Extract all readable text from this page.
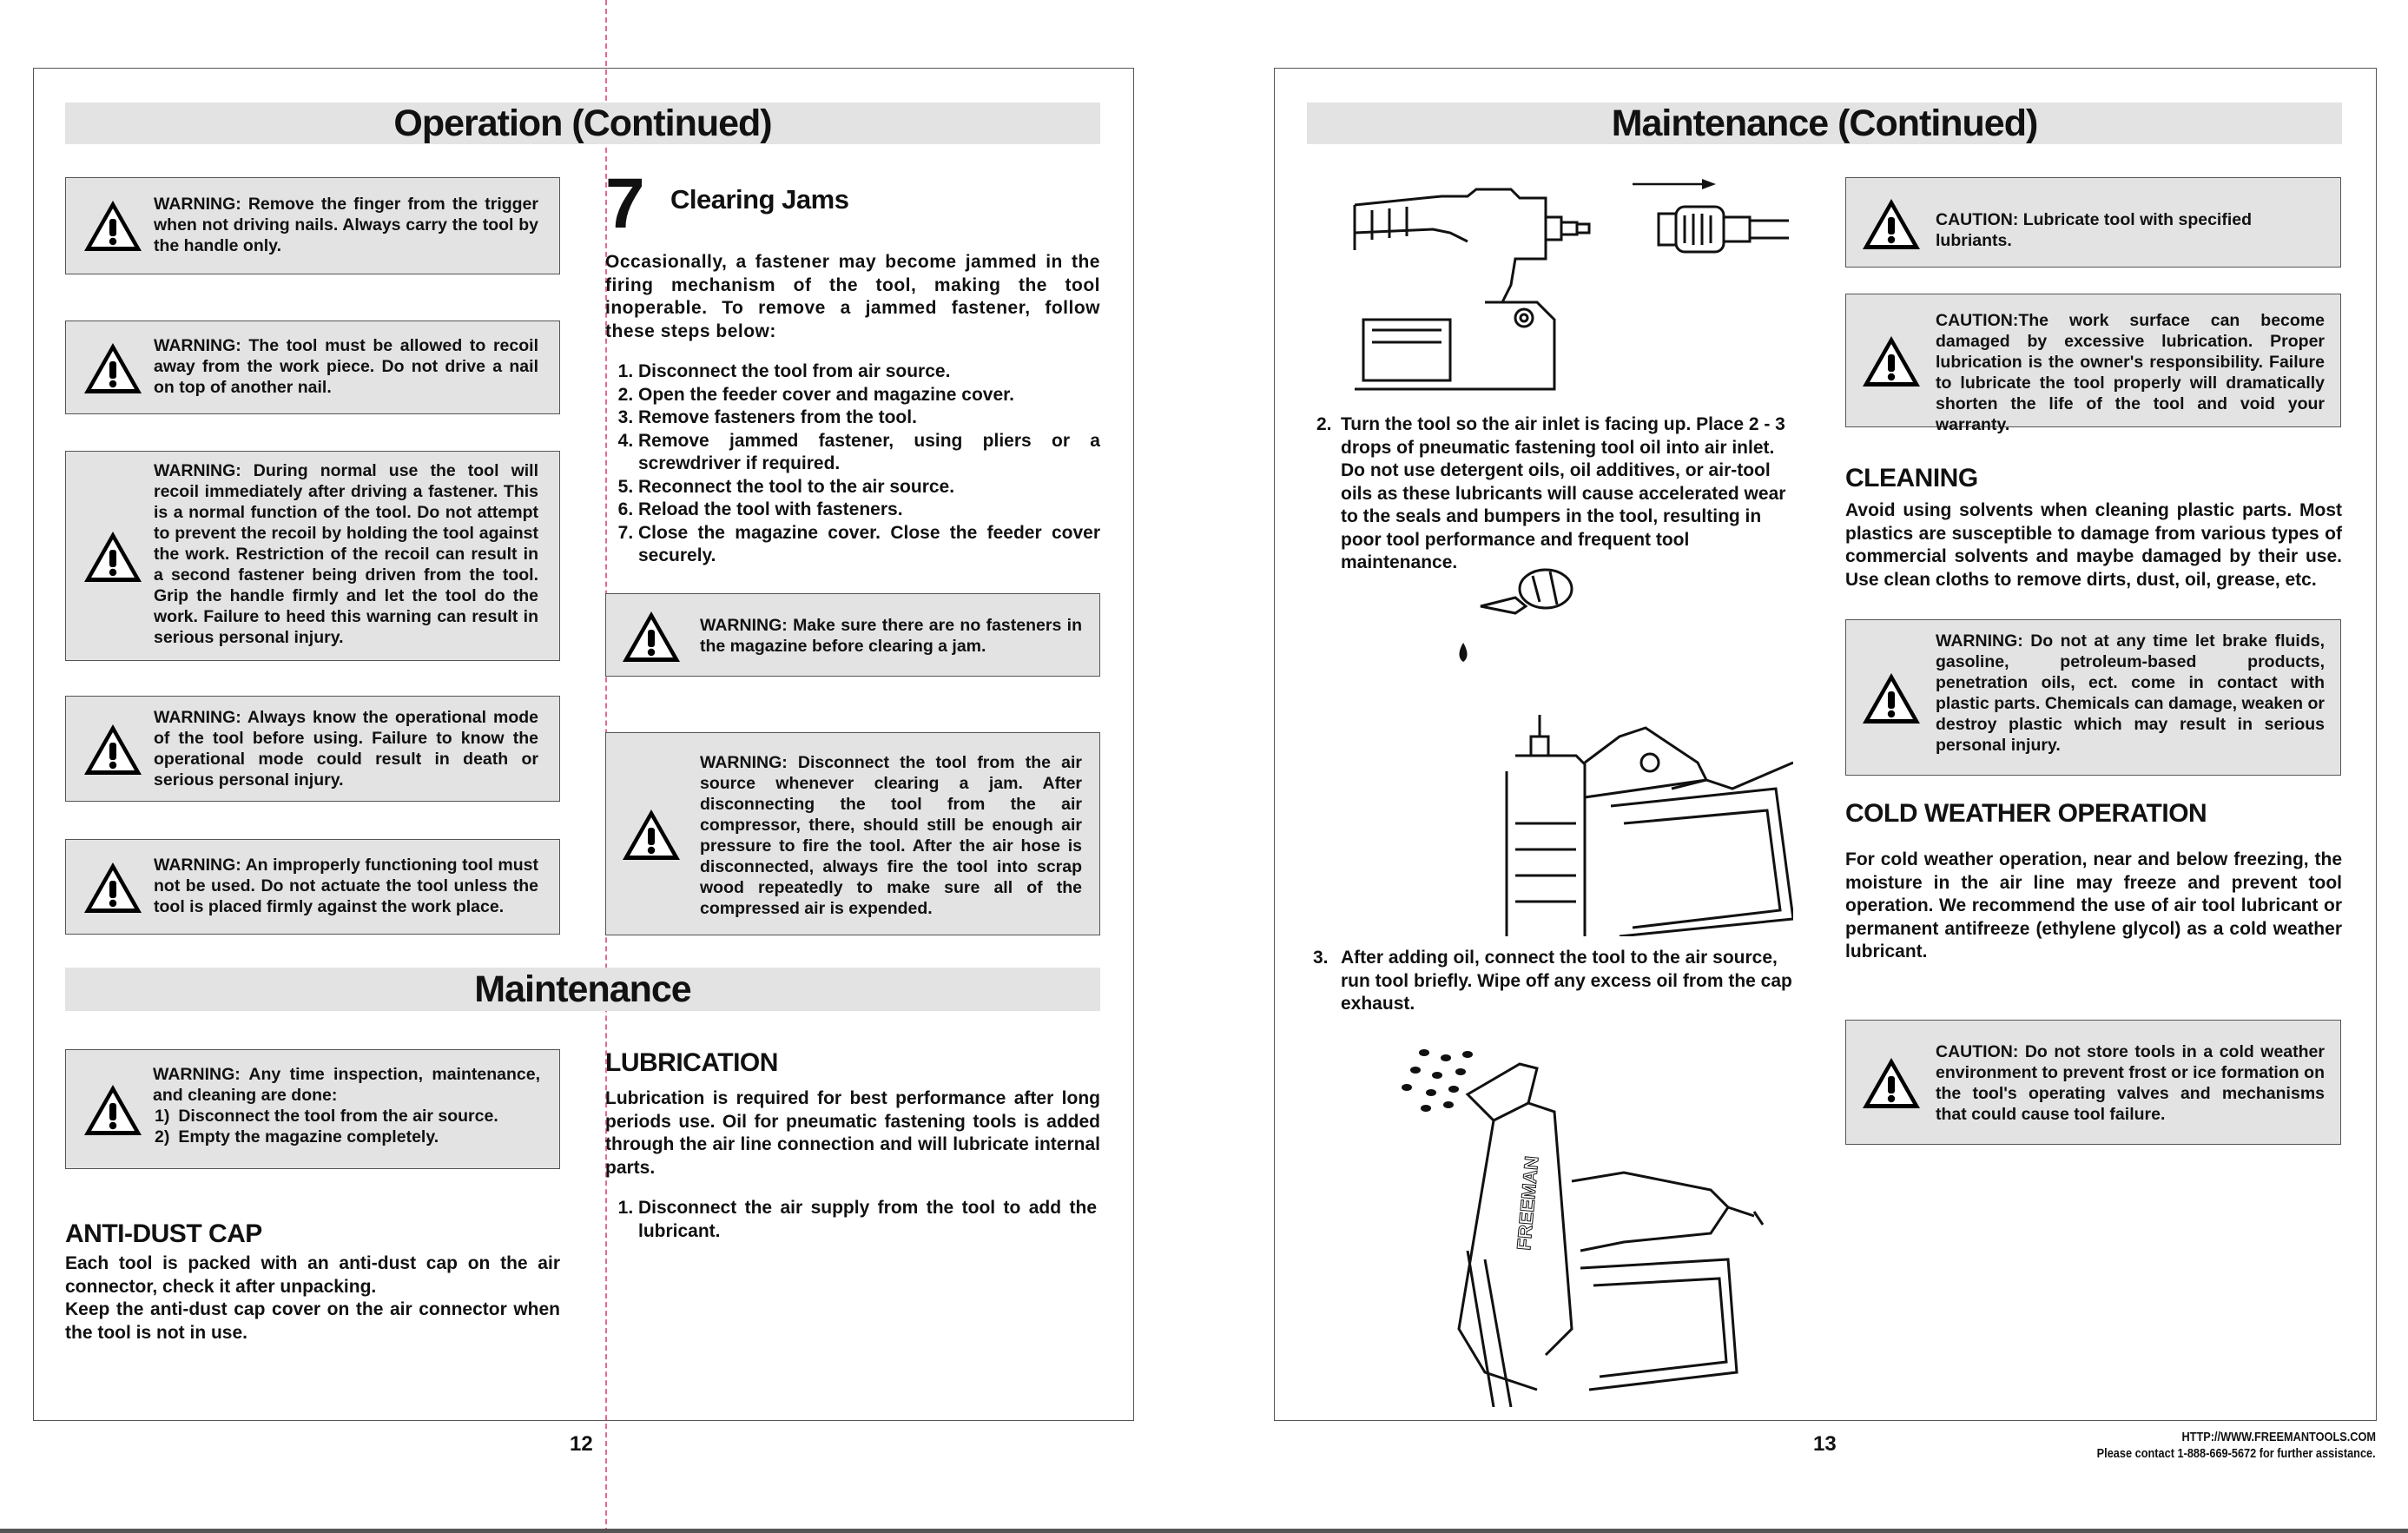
Operation (Continued)
WARNING: Remove the finger from the trigger when not driving nails. Always carry the tool by the handle only.
WARNING: The tool must be allowed to recoil away from the work piece. Do not drive a nail on top of another nail.
WARNING: During normal use the tool will recoil immediately after driving a fastener. This is a normal function of the tool. Do not attempt to prevent the recoil by holding the tool against the work. Restriction of the recoil can result in a second fastener being driven from the tool. Grip the handle firmly and let the tool do the work. Failure to heed this warning can result in serious personal injury.
WARNING: Always know the operational mode of the tool before using. Failure to know the operational mode could result in death or serious personal injury.
WARNING: An improperly functioning tool must not be used. Do not actuate the tool unless the tool is placed firmly against the work place.
7 Clearing Jams
Occasionally, a fastener may become jammed in the firing mechanism of the tool, making the tool inoperable. To remove a jammed fastener, follow these steps below:
1. Disconnect the tool from air source.
2. Open the feeder cover and magazine cover.
3. Remove fasteners from the tool.
4. Remove jammed fastener, using pliers or a screwdriver if required.
5. Reconnect the tool to the air source.
6. Reload the tool with fasteners.
7. Close the magazine cover. Close the feeder cover securely.
WARNING: Make sure there are no fasteners in the magazine before clearing a jam.
WARNING: Disconnect the tool from the air source whenever clearing a jam. After disconnecting the tool from the air compressor, there, should still be enough air pressure to fire the tool. After the air hose is disconnected, always fire the tool into scrap wood repeatedly to make sure all of the compressed air is expended.
Maintenance
WARNING: Any time inspection, maintenance, and cleaning are done:
1) Disconnect the tool from the air source.
2) Empty the magazine completely.
ANTI-DUST CAP
Each tool is packed with an anti-dust cap on the air connector, check it after unpacking.
Keep the anti-dust cap cover on the air connector when the tool is not in use.
LUBRICATION
Lubrication is required for best performance after long periods use. Oil for pneumatic fastening tools is added through the air line connection and will lubricate internal parts.
1. Disconnect the air supply from the tool to add the lubricant.
12
Maintenance (Continued)
2. Turn the tool so the air inlet is facing up. Place 2 - 3 drops of pneumatic fastening tool oil into air inlet. Do not use detergent oils, oil additives, or air-tool oils as these lubricants will cause accelerated wear to the seals and bumpers in the tool, resulting in poor tool performance and frequent tool maintenance.
3. After adding oil, connect the tool to the air source, run tool briefly. Wipe off any excess oil from the cap exhaust.
FREEMAN
CAUTION: Lubricate tool with specified lubriants.
CAUTION:The work surface can become damaged by excessive lubrication. Proper lubrication is the owner's responsibility. Failure to lubricate the tool properly will dramatically shorten the life of the tool and void your warranty.
CLEANING
Avoid using solvents when cleaning plastic parts. Most plastics are susceptible to damage from various types of commercial solvents and maybe damaged by their use. Use clean cloths to remove dirts, dust, oil, grease, etc.
WARNING: Do not at any time let brake fluids, gasoline, petroleum-based products, penetration oils, ect. come in contact with plastic parts. Chemicals can damage, weaken or destroy plastic which may result in serious personal injury.
COLD WEATHER OPERATION
For cold weather operation, near and below freezing, the moisture in the air line may freeze and prevent tool operation. We recommend the use of air tool lubricant or permanent antifreeze (ethylene glycol) as a cold weather lubricant.
CAUTION: Do not store tools in a cold weather environment to prevent frost or ice formation on the tool's operating valves and mechanisms that could cause tool failure.
13	HTTP://WWW.FREEMANTOOLS.COM
Please contact 1-888-669-5672 for further assistance.
